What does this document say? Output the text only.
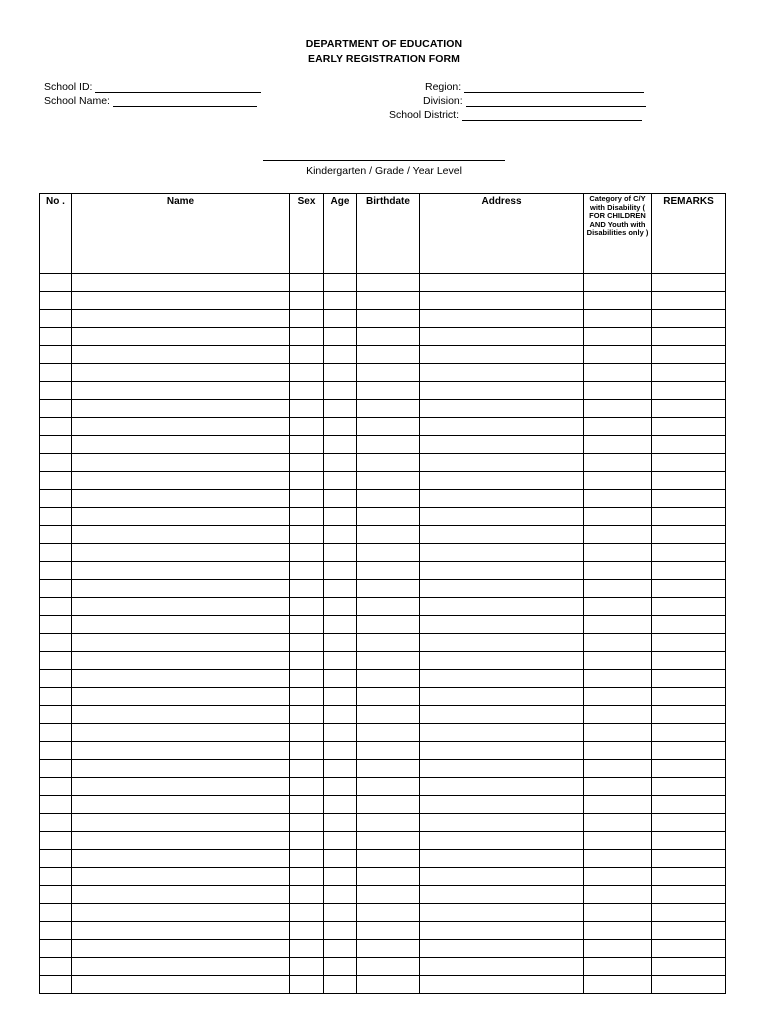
DEPARTMENT OF EDUCATION
EARLY REGISTRATION FORM
School ID:
School Name:
Region:
Division:
School District:
Kindergarten / Grade / Year Level
No .	Name	Sex	Age	Birthdate	Address	Category of C/Y with Disability ( FOR CHILDREN AND Youth with Disabilities only )	REMARKS
